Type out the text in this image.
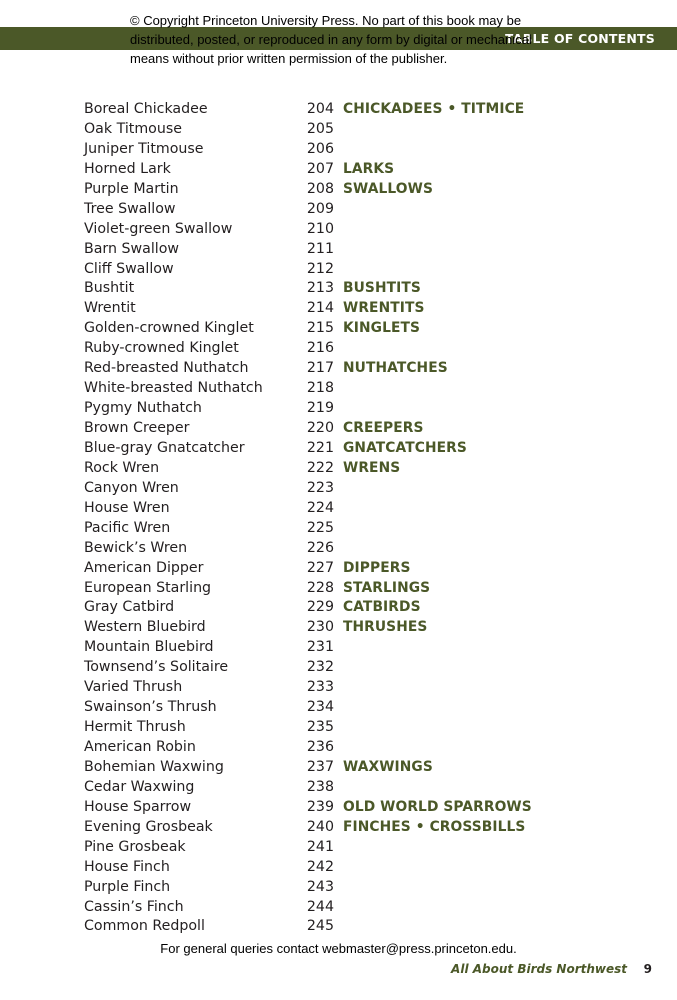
TABLE OF CONTENTS
© Copyright Princeton University Press. No part of this book may be
distributed, posted, or reproduced in any form by digital or mechanical
means without prior written permission of the publisher.
Boreal Chickadee	204 CHICKADEES • TITMICE
Oak Titmouse	205
Juniper Titmouse	206
Horned Lark	207 LARKS
Purple Martin	208 SWALLOWS
Tree Swallow	209
Violet-green Swallow	210
Barn Swallow	211
Cliff Swallow	212
Bushtit	213 BUSHTITS
Wrentit	214 WRENTITS
Golden-crowned Kinglet	215 KINGLETS
Ruby-crowned Kinglet	216
Red-breasted Nuthatch	217 NUTHATCHES
White-breasted Nuthatch	218
Pygmy Nuthatch	219
Brown Creeper	220 CREEPERS
Blue-gray Gnatcatcher	221 GNATCATCHERS
Rock Wren	222 WRENS
Canyon Wren	223
House Wren	224
Pacific Wren	225
Bewick’s Wren	226
American Dipper	227 DIPPERS
European Starling	228 STARLINGS
Gray Catbird	229 CATBIRDS
Western Bluebird	230 THRUSHES
Mountain Bluebird	231
Townsend’s Solitaire	232
Varied Thrush	233
Swainson’s Thrush	234
Hermit Thrush	235
American Robin	236
Bohemian Waxwing	237 WAXWINGS
Cedar Waxwing	238
House Sparrow	239 OLD WORLD SPARROWS
Evening Grosbeak	240 FINCHES • CROSSBILLS
Pine Grosbeak	241
House Finch	242
Purple Finch	243
Cassin’s Finch	244
Common Redpoll	245
For general queries contact webmaster@press.princeton.edu.
All About Birds Northwest 9
